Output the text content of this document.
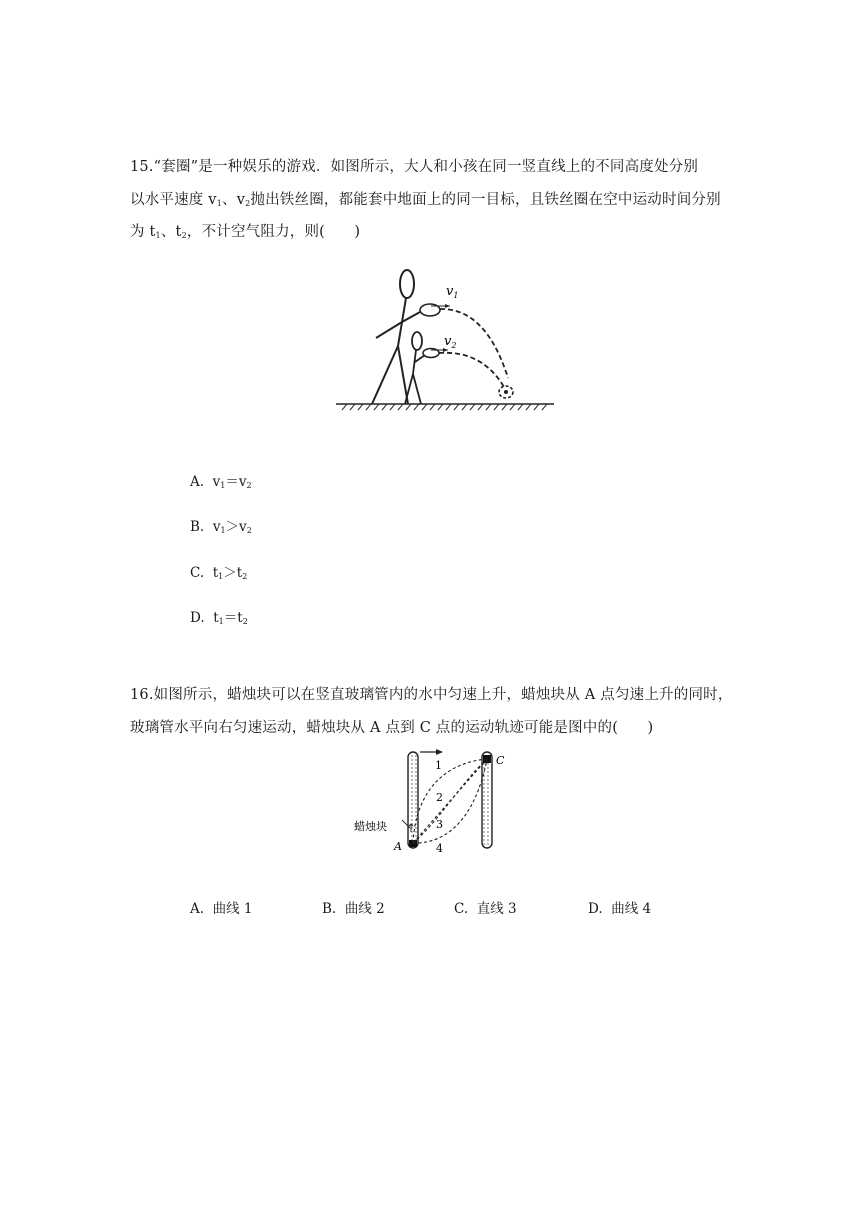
15.“套圈”是一种娱乐的游戏．如图所示，大人和小孩在同一竖直线上的不同高度处分别
以水平速度 $v_1$、$v_2$抛出铁丝圈，都能套中地面上的同一目标，且铁丝圈在空中运动时间分别
为 $t_1$、$t_2$，不计空气阻力，则(　　)
$v_1$
$v_2$
A. $v_1=v_2$
B. $v_1>v_2$
C. $t_1>t_2$
D. $t_1=t_2$
16.如图所示，蜡烛块可以在竖直玻璃管内的水中匀速上升，蜡烛块从 A 点匀速上升的同时，
玻璃管水平向右匀速运动，蜡烛块从 A 点到 C 点的运动轨迹可能是图中的(　　)
1
2
3
4
蜡烛块
A
C
A. 曲线 1	B. 曲线 2	C. 直线 3	D. 曲线 4
